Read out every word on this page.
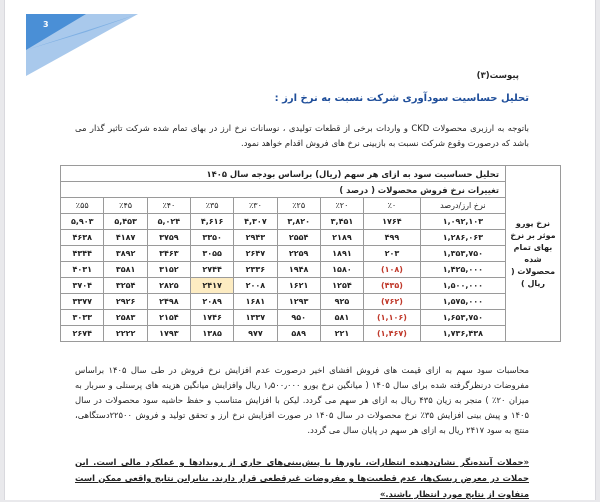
3
پیوست(۳)
تحلیل حساسیت سودآوری شرکت نسبت به نرخ ارز :
باتوجه به ارزبری محصولات CKD و واردات برخی از قطعات تولیدی ، نوسانات نرخ ارز در بهای تمام شده شرکت تاثیر گذار می باشد که درصورت وقوع شرکت نسبت به بازبینی نرخ های فروش اقدام خواهد نمود.
نرخ یورو موثر بر نرخ بهای تمام شده محصولات ( ریال )	تحلیل حساسیت سود به ازای هر سهم (ریال) براساس بودجه سال ۱۴۰۵								
	تغییرات نرخ فروش محصولات ( درصد )								
	نرخ ارز/درصد	٪۰	٪۲۰	٪۲۵	٪۳۰	٪۳۵	٪۴۰	٪۴۵	٪۵۵
	۱,۰۹۲,۱۰۳	۱۷۶۴	۳,۴۵۱	۳,۸۲۰	۴,۳۰۷	۴,۶۱۶	۵,۰۲۴	۵,۴۵۳	۵,۹۰۳
	۱,۲۸۶,۰۶۳	۴۹۹	۲۱۸۹	۲۵۵۴	۲۹۴۳	۳۳۵۰	۳۷۵۹	۴۱۸۷	۴۶۳۸
	۱,۳۵۳,۷۵۰	۲۰۳	۱۸۹۱	۲۲۵۹	۲۶۴۷	۳۰۵۵	۳۴۶۳	۳۸۹۲	۴۳۴۴
	۱,۴۲۵,۰۰۰	(۱۰۸)	۱۵۸۰	۱۹۴۸	۲۳۳۶	۲۷۴۴	۳۱۵۲	۳۵۸۱	۴۰۳۱
	۱,۵۰۰,۰۰۰	(۴۳۵)	۱۲۵۴	۱۶۲۱	۲۰۰۸	۲۴۱۷	۲۸۲۵	۳۲۵۴	۳۷۰۴
	۱,۵۷۵,۰۰۰	(۷۶۲)	۹۲۵	۱۲۹۳	۱۶۸۱	۲۰۸۹	۲۴۹۸	۲۹۲۶	۳۳۷۷
	۱,۶۵۳,۷۵۰	(۱,۱۰۶)	۵۸۱	۹۵۰	۱۳۳۷	۱۷۴۶	۲۱۵۴	۲۵۸۳	۳۰۳۳
	۱,۷۳۶,۴۳۸	(۱,۴۶۷)	۲۲۱	۵۸۹	۹۷۷	۱۳۸۵	۱۷۹۳	۲۲۲۲	۲۶۷۴
محاسبات سود سهم به ازای قیمت های فروش افشای اخیر درصورت عدم افزایش نرخ فروش در طی سال ۱۴۰۵ براساس مفروضات درنظرگرفته شده برای سال ۱۴۰۵ ( میانگین نرخ یورو ۱٫۵۰۰٫۰۰۰ ریال وافزایش میانگین هزینه های پرسنلی و سربار به میزان ۲۰٪ ) منجر به زیان ۴۳۵ ریال به ازای هر سهم می گردد. لیکن با افزایش متناسب و حفظ حاشیه سود محصولات در سال ۱۴۰۵ و پیش بینی افزایش ۳۵٪ نرخ محصولات در سال ۱۴۰۵ در صورت افزایش نرخ ارز و تحقق تولید و فروش ۲۲۵۰۰دستگاهی، منتج به سود ۲۴۱۷ ریال به ازای هر سهم در پایان سال می گردد.
«جملات آینده‌نگر نشان‌دهنده انتظارات، باورها یا پیش‌بینی‌های جاری از رویدادها و عملکرد مالی است. این جملات در معرض ریسک‌ها، عدم قطعیت‌ها و مفروضات غیرقطعی قرار دارند. بنابراین نتایج واقعی ممکن است متفاوت از نتایج مورد انتظار باشند.»
